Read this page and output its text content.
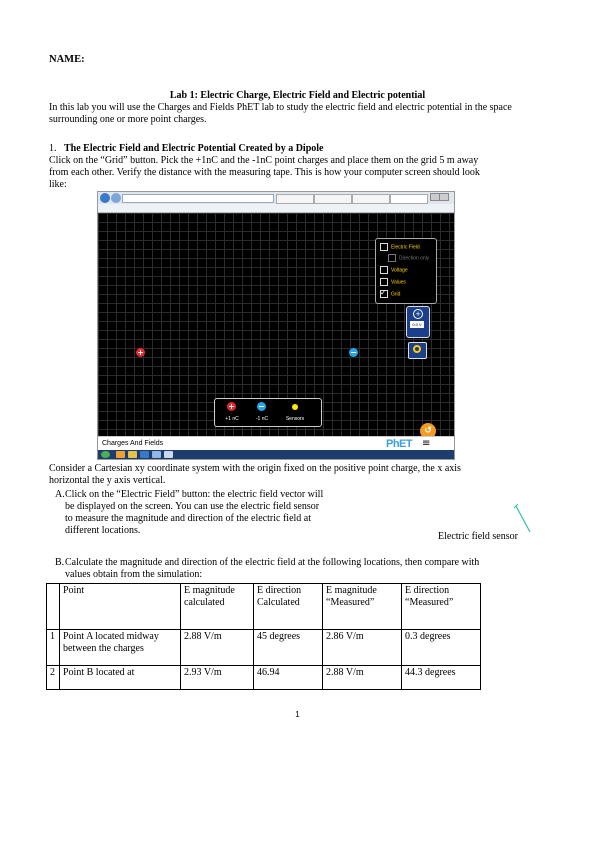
NAME:
Lab 1: Electric Charge, Electric Field and Electric potential
In this lab you will use the Charges and Fields PhET lab to study the electric field and electric potential in the space surrounding one or more point charges.
1. The Electric Field and Electric Potential Created by a Dipole
Click on the “Grid” button. Pick the +1nC and the -1nC point charges and place them on the grid 5 m away
from each other. Verify the distance with the measuring tape. This is how your computer screen should look
like:
Electric Field
Direction only
Voltage
Values
✓Grid
+
0.0 V
+	−
+	−
+1 nC	-1 nC	Sensors
↺
Charges And Fields	PhET ≡
Consider a Cartesian xy coordinate system with the origin fixed on the positive point charge, the x axis
horizontal the y axis vertical.
A. Click on the “Electric Field” button: the electric field vector will
be displayed on the screen. You can use the electric field sensor
to measure the magnitude and direction of the electric field at
different locations.
Electric field sensor
B. Calculate the magnitude and direction of the electric field at the following locations, then compare with
values obtain from the simulation:
	Point	E magnitude calculated	E direction Calculated	E magnitude “Measured”	E direction “Measured”
1	Point A located midway between the charges	2.88 V/m	45 degrees	2.86 V/m	0.3 degrees
2	Point B located at	2.93 V/m	46.94	2.88 V/m	44.3 degrees
1
